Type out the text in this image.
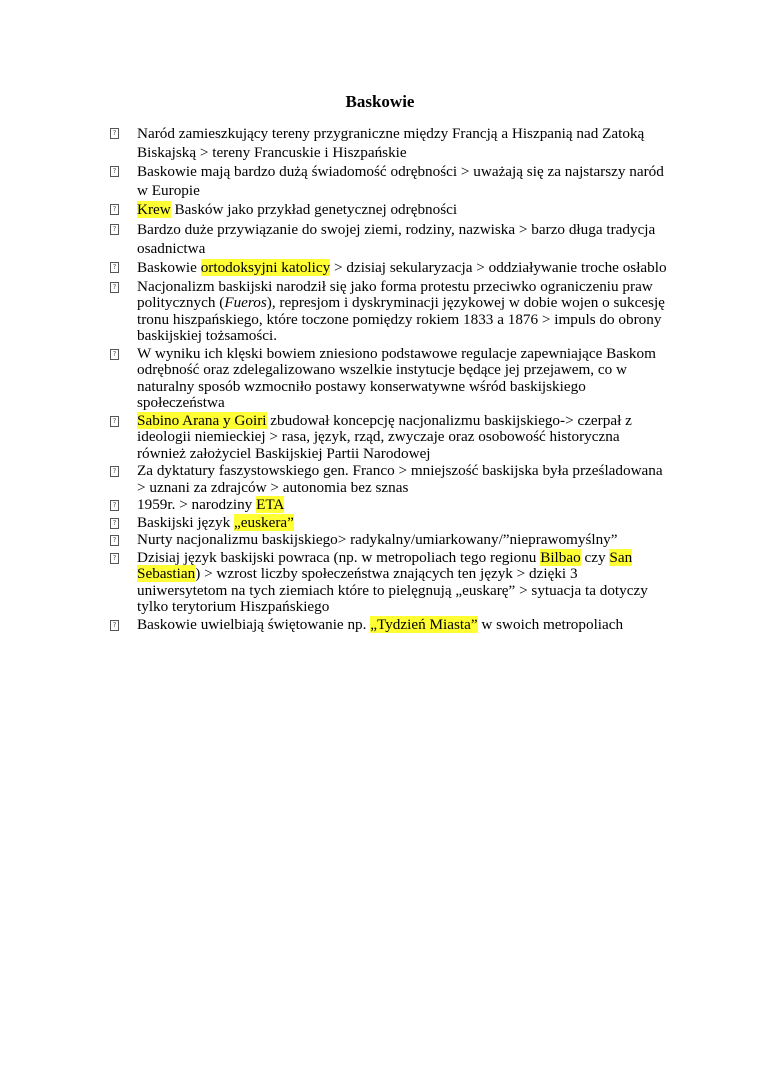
Baskowie
? Naród zamieszkujący tereny przygraniczne między Francją a Hiszpanią nad Zatoką Biskajską > tereny Francuskie i Hiszpańskie
? Baskowie mają bardzo dużą świadomość odrębności > uważają się za najstarszy naród w Europie
? Krew Basków jako przykład genetycznej odrębności
? Bardzo duże przywiązanie do swojej ziemi, rodziny, nazwiska > barzo długa tradycja osadnictwa
? Baskowie ortodoksyjni katolicy > dzisiaj sekularyzacja > oddziaływanie troche osłablo
? Nacjonalizm baskijski narodził się jako forma protestu przeciwko ograniczeniu praw politycznych (Fueros), represjom i dyskryminacji językowej w dobie wojen o sukcesję tronu hiszpańskiego, które toczone pomiędzy rokiem 1833 a 1876 > impuls do obrony baskijskiej tożsamości.
? W wyniku ich klęski bowiem zniesiono podstawowe regulacje zapewniające Baskom odrębność oraz zdelegalizowano wszelkie instytucje będące jej przejawem, co w naturalny sposób wzmocniło postawy konserwatywne wśród baskijskiego społeczeństwa
? Sabino Arana y Goiri zbudował koncepcję nacjonalizmu baskijskiego-> czerpał z ideologii niemieckiej > rasa, język, rząd, zwyczaje oraz osobowość historyczna również założyciel Baskijskiej Partii Narodowej
? Za dyktatury faszystowskiego gen. Franco > mniejszość baskijska była prześladowana > uznani za zdrajców > autonomia bez sznas
? 1959r. > narodziny ETA
? Baskijski język „euskera”
? Nurty nacjonalizmu baskijskiego> radykalny/umiarkowany/”nieprawomyślny”
? Dzisiaj język baskijski powraca (np. w metropoliach tego regionu Bilbao czy San Sebastian) > wzrost liczby społeczeństwa znających ten język > dzięki 3 uniwersytetom na tych ziemiach które to pielęgnują „euskarę” > sytuacja ta dotyczy tylko terytorium Hiszpańskiego
? Baskowie uwielbiają świętowanie np. „Tydzień Miasta” w swoich metropoliach
